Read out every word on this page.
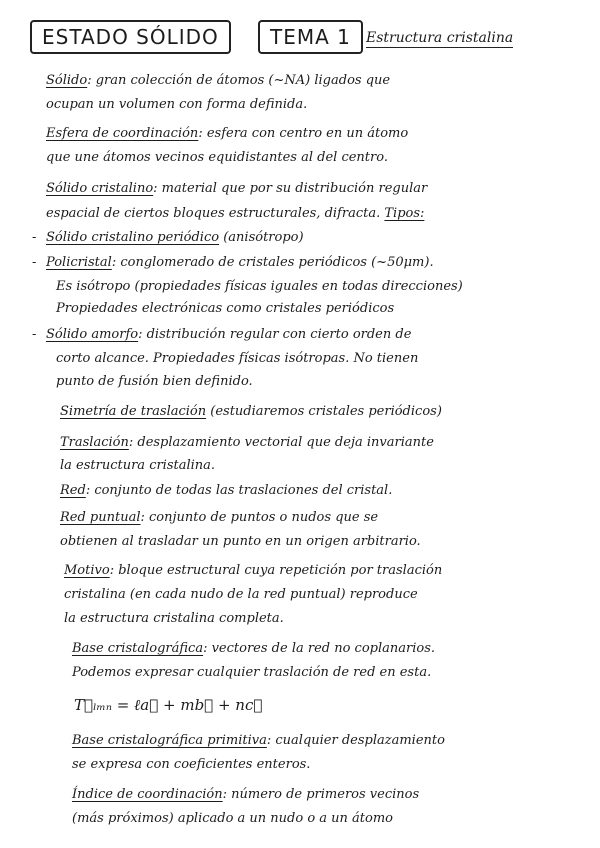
ESTADO SÓLIDO	TEMA 1	Estructura cristalina
Sólido: gran colección de átomos (~NA) ligados que
ocupan un volumen con forma definida.
Esfera de coordinación: esfera con centro en un átomo
que une átomos vecinos equidistantes al del centro.
Sólido cristalino: material que por su distribución regular
espacial de ciertos bloques estructurales, difracta. Tipos:
- Sólido cristalino periódico (anisótropo)
- Policristal: conglomerado de cristales periódicos (~50μm).
Es isótropo (propiedades físicas iguales en todas direcciones)
Propiedades electrónicas como cristales periódicos
- Sólido amorfo: distribución regular con cierto orden de
corto alcance. Propiedades físicas isótropas. No tienen
punto de fusión bien definido.
Simetría de traslación (estudiaremos cristales periódicos)
Traslación: desplazamiento vectorial que deja invariante
la estructura cristalina.
Red: conjunto de todas las traslaciones del cristal.
Red puntual: conjunto de puntos o nudos que se
obtienen al trasladar un punto en un origen arbitrario.
Motivo: bloque estructural cuya repetición por traslación
cristalina (en cada nudo de la red puntual) reproduce
la estructura cristalina completa.
Base cristalográfica: vectores de la red no coplanarios.
Podemos expresar cualquier traslación de red en esta.
T⃗ₗₘₙ = ℓa⃗ + mb⃗ + nc⃗
Base cristalográfica primitiva: cualquier desplazamiento
se expresa con coeficientes enteros.
Índice de coordinación: número de primeros vecinos
(más próximos) aplicado a un nudo o a un átomo
